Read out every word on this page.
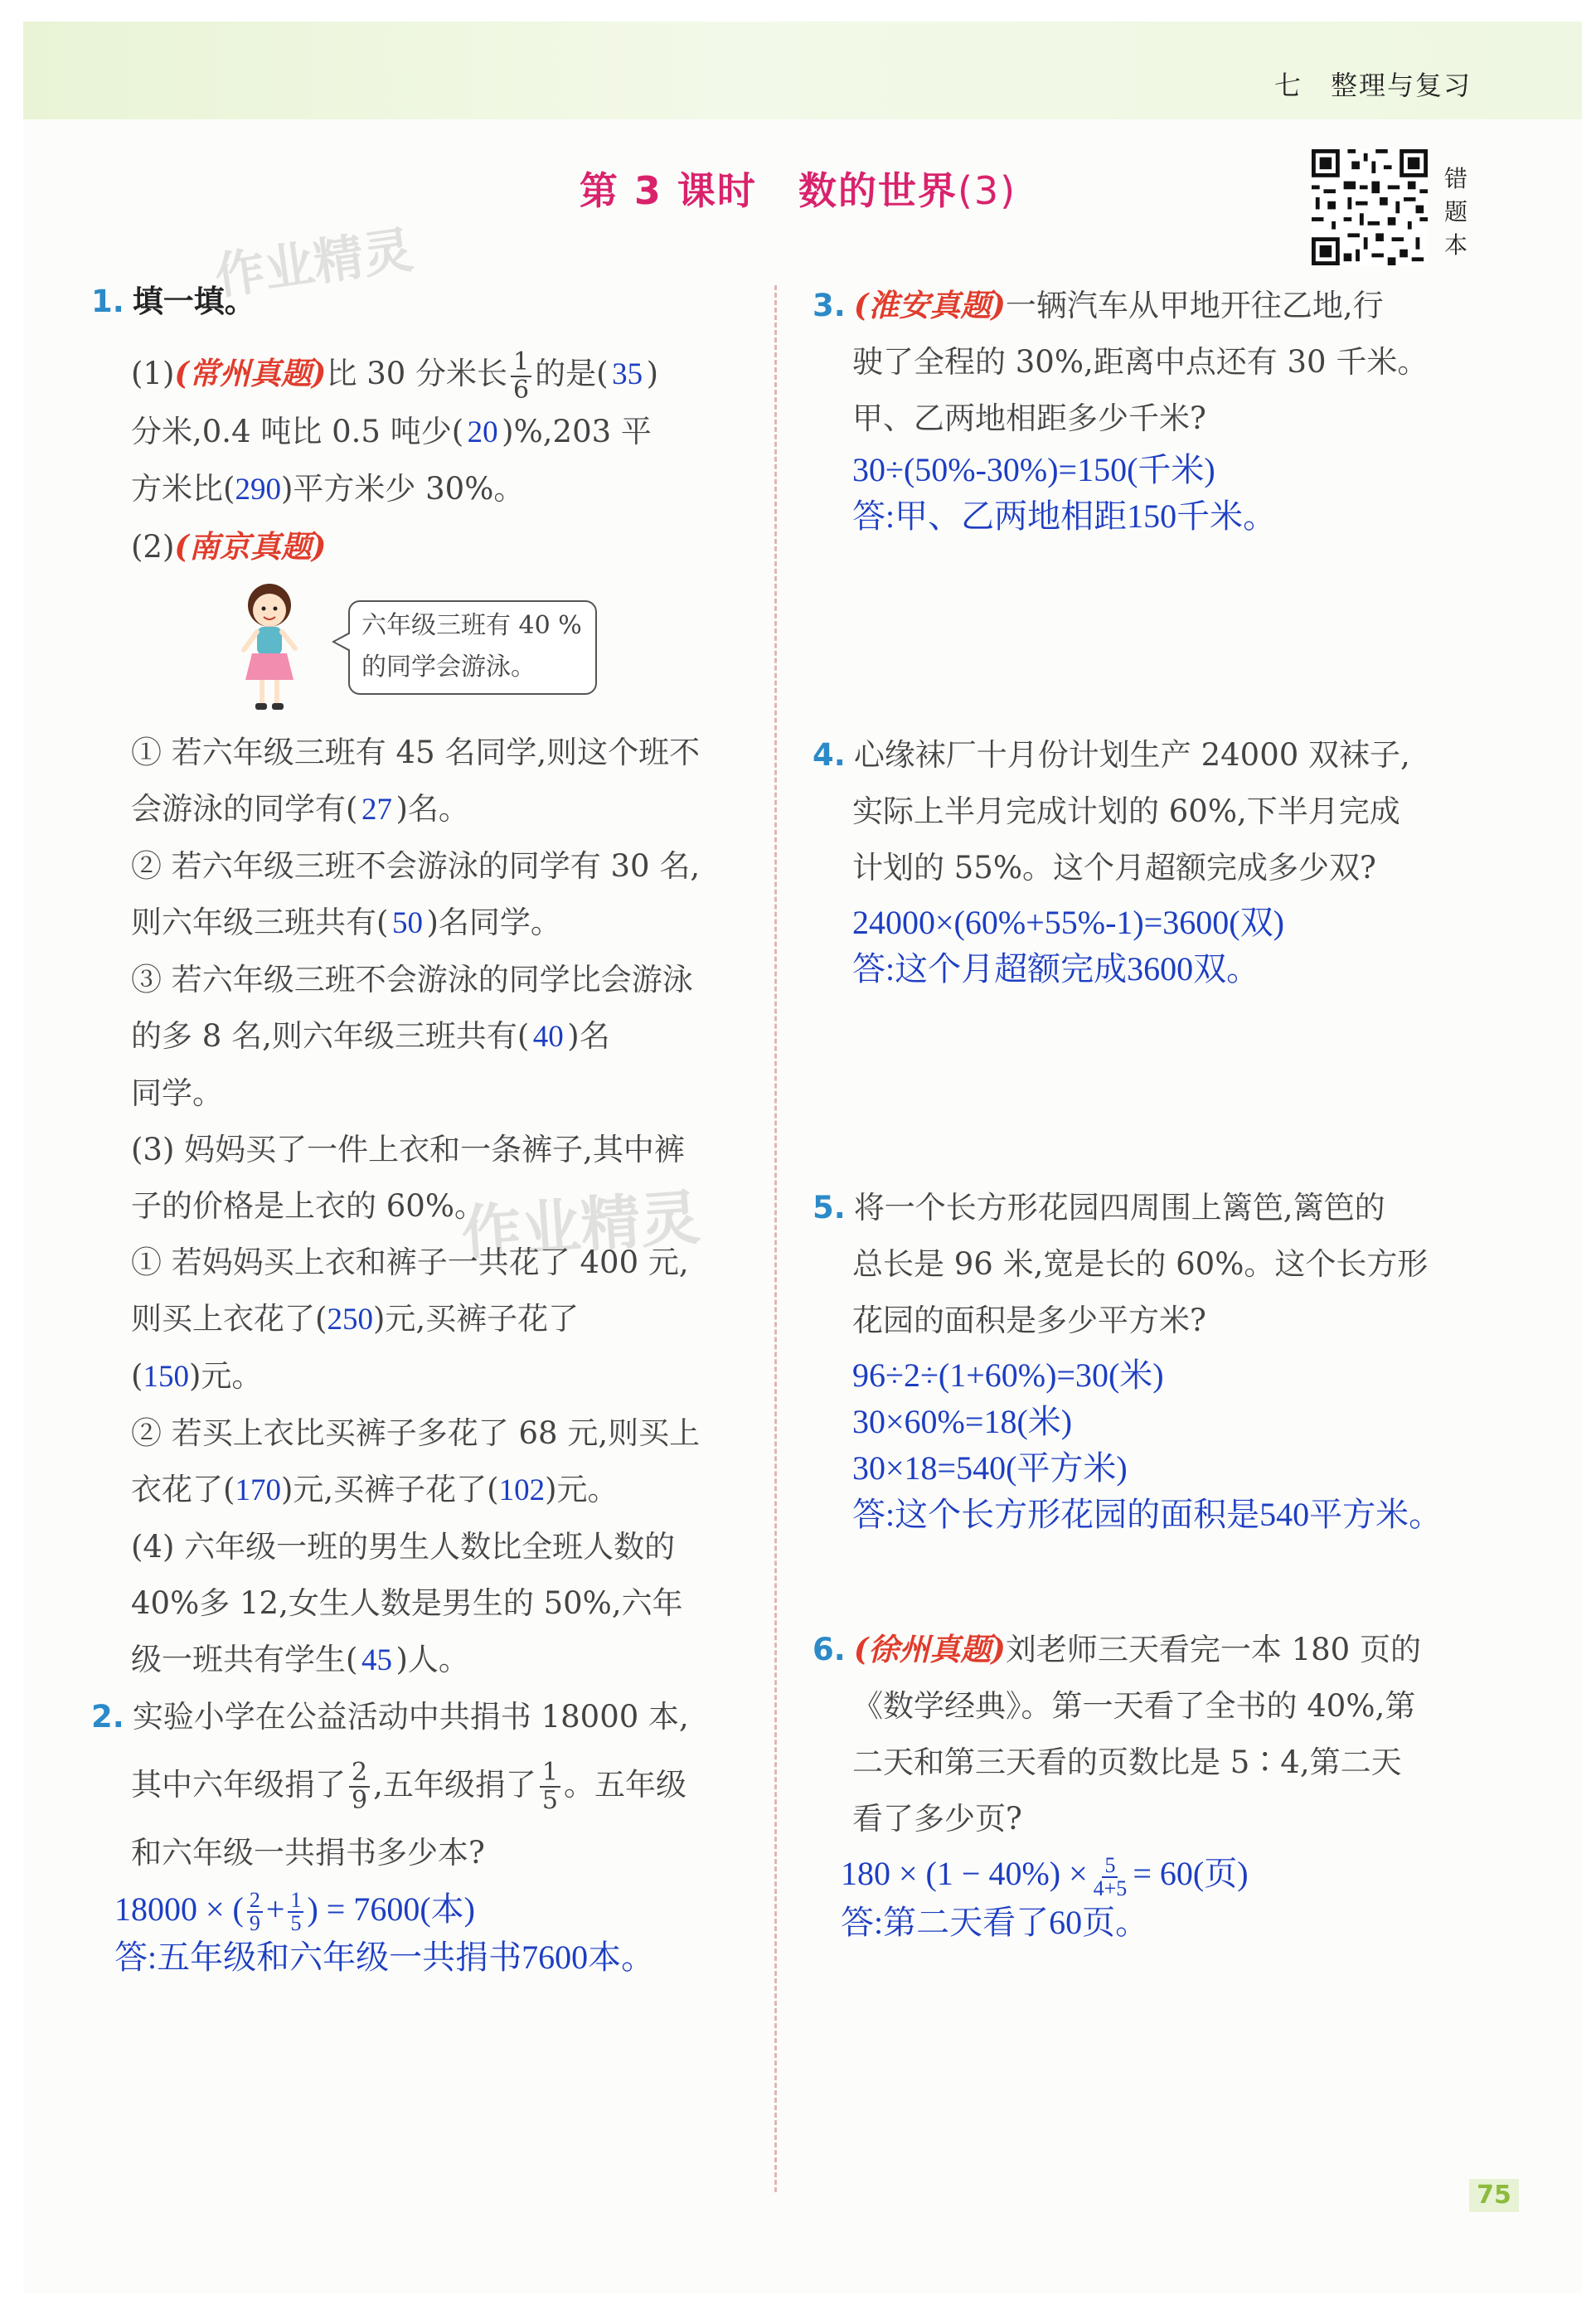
七 整理与复习
第 3 课时 数的世界(3)	错
题
本
作业精灵
作业精灵
1. 填一填。
(1)(常州真题)比 30 分米长 $\frac{1}{6}$ 的是( 35 )
分米,0.4 吨比 0.5 吨少( 20 )%,203 平
方米比(290)平方米少 30%。
(2)(南京真题)
六年级三班有 40 %
的同学会游泳。
① 若六年级三班有 45 名同学,则这个班不
会游泳的同学有( 27 )名。
② 若六年级三班不会游泳的同学有 30 名,
则六年级三班共有( 50 )名同学。
③ 若六年级三班不会游泳的同学比会游泳
的多 8 名,则六年级三班共有( 40 )名
同学。
(3) 妈妈买了一件上衣和一条裤子,其中裤
子的价格是上衣的 60%。
① 若妈妈买上衣和裤子一共花了 400 元,
则买上衣花了(250)元,买裤子花了
(150)元。
② 若买上衣比买裤子多花了 68 元,则买上
衣花了(170)元,买裤子花了(102)元。
(4) 六年级一班的男生人数比全班人数的
40%多 12,女生人数是男生的 50%,六年
级一班共有学生( 45 )人。
2. 实验小学在公益活动中共捐书 18000 本,
其中六年级捐了 $\frac{2}{9}$ ,五年级捐了 $\frac{1}{5}$ 。五年级
和六年级一共捐书多少本?
18000 × ( $\frac{2}{9} + \frac{1}{5}$ ) = 7600(本)
答:五年级和六年级一共捐书7600本。
3. (淮安真题)一辆汽车从甲地开往乙地,行
驶了全程的 30%,距离中点还有 30 千米。
甲、乙两地相距多少千米?
30÷(50%-30%)=150(千米)
答:甲、乙两地相距150千米。
4. 心缘袜厂十月份计划生产 24000 双袜子,
实际上半月完成计划的 60%,下半月完成
计划的 55%。这个月超额完成多少双?
24000×(60%+55%-1)=3600(双)
答:这个月超额完成3600双。
5. 将一个长方形花园四周围上篱笆,篱笆的
总长是 96 米,宽是长的 60%。这个长方形
花园的面积是多少平方米?
96÷2÷(1+60%)=30(米)
30×60%=18(米)
30×18=540(平方米)
答:这个长方形花园的面积是540平方米。
6. (徐州真题)刘老师三天看完一本 180 页的
《数学经典》。第一天看了全书的 40%,第
二天和第三天看的页数比是 5∶4,第二天
看了多少页?
$180 \times (1 - 40\%) \times \frac{5}{4+5} = 60$(页)
答:第二天看了60页。
75
